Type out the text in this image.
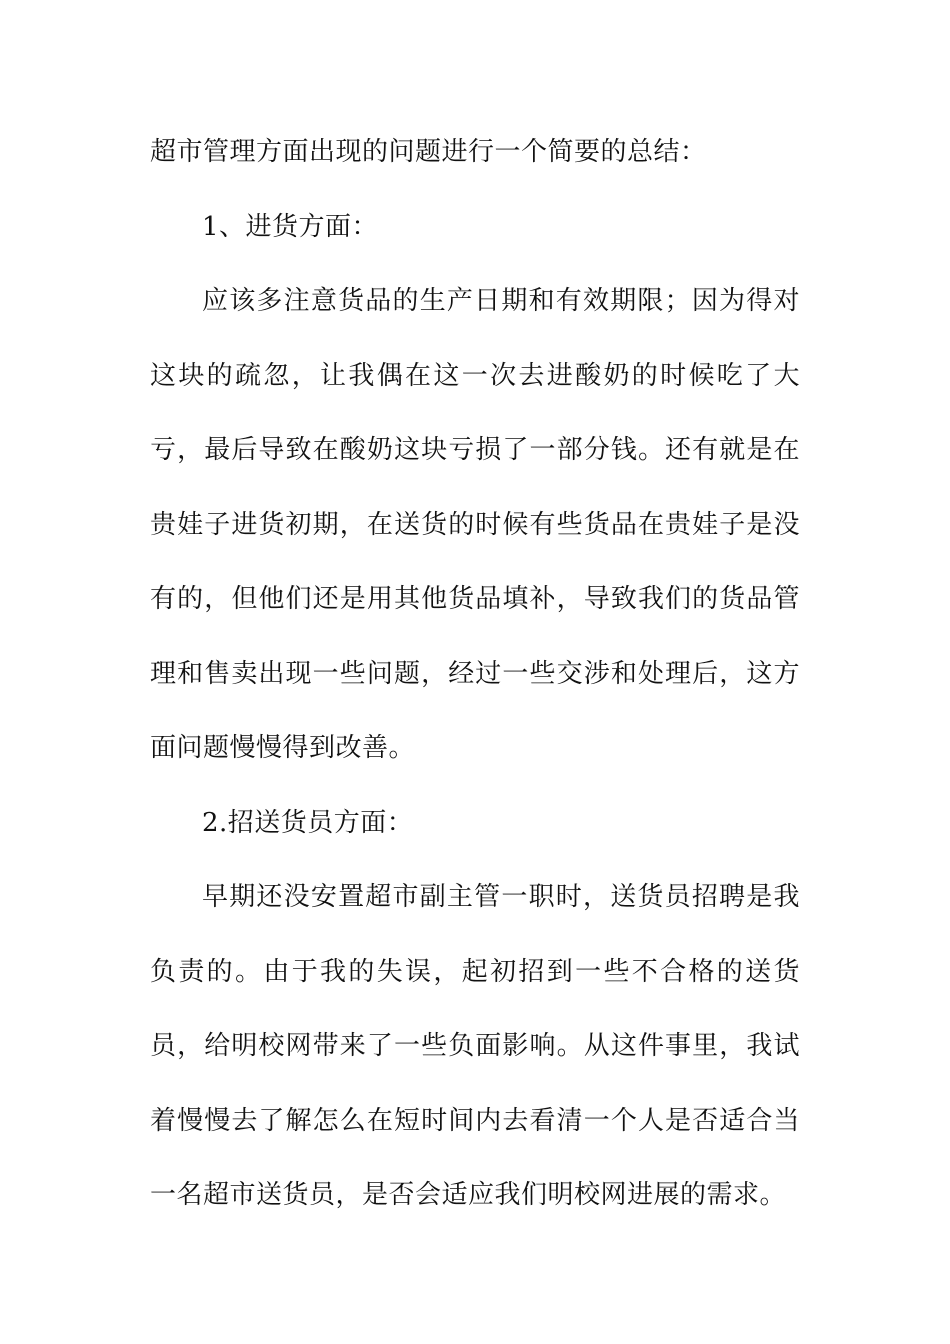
超市管理方面出现的问题进行一个简要的总结：

1、进货方面：

应该多注意货品的生产日期和有效期限；因为得对这块的疏忽，让我偶在这一次去进酸奶的时候吃了大亏，最后导致在酸奶这块亏损了一部分钱。还有就是在贵娃子进货初期，在送货的时候有些货品在贵娃子是没有的，但他们还是用其他货品填补，导致我们的货品管理和售卖出现一些问题，经过一些交涉和处理后，这方面问题慢慢得到改善。

2.招送货员方面：

早期还没安置超市副主管一职时，送货员招聘是我负责的。由于我的失误，起初招到一些不合格的送货员，给明校网带来了一些负面影响。从这件事里，我试着慢慢去了解怎么在短时间内去看清一个人是否适合当一名超市送货员，是否会适应我们明校网进展的需求。
